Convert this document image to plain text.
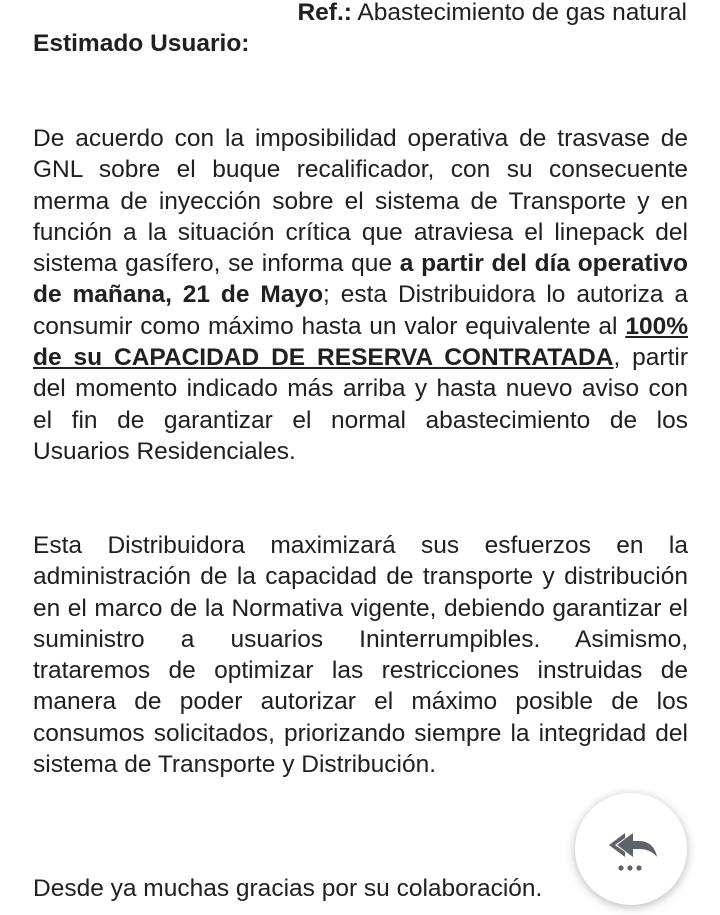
Ref.: Abastecimiento de gas natural
Estimado Usuario:

De acuerdo con la imposibilidad operativa de trasvase de GNL sobre el buque recalificador, con su consecuente merma de inyección sobre el sistema de Transporte y en función a la situación crítica que atraviesa el linepack del sistema gasífero, se informa que a partir del día operativo de mañana, 21 de Mayo; esta Distribuidora lo autoriza a consumir como máximo hasta un valor equivalente al 100% de su CAPACIDAD DE RESERVA CONTRATADA, partir del momento indicado más arriba y hasta nuevo aviso con el fin de garantizar el normal abastecimiento de los Usuarios Residenciales.

Esta Distribuidora maximizará sus esfuerzos en la administración de la capacidad de transporte y distribución en el marco de la Normativa vigente, debiendo garantizar el suministro a usuarios Ininterrumpibles. Asimismo, trataremos de optimizar las restricciones instruidas de manera de poder autorizar el máximo posible de los consumos solicitados, priorizando siempre la integridad del sistema de Transporte y Distribución.

Desde ya muchas gracias por su colaboración.
